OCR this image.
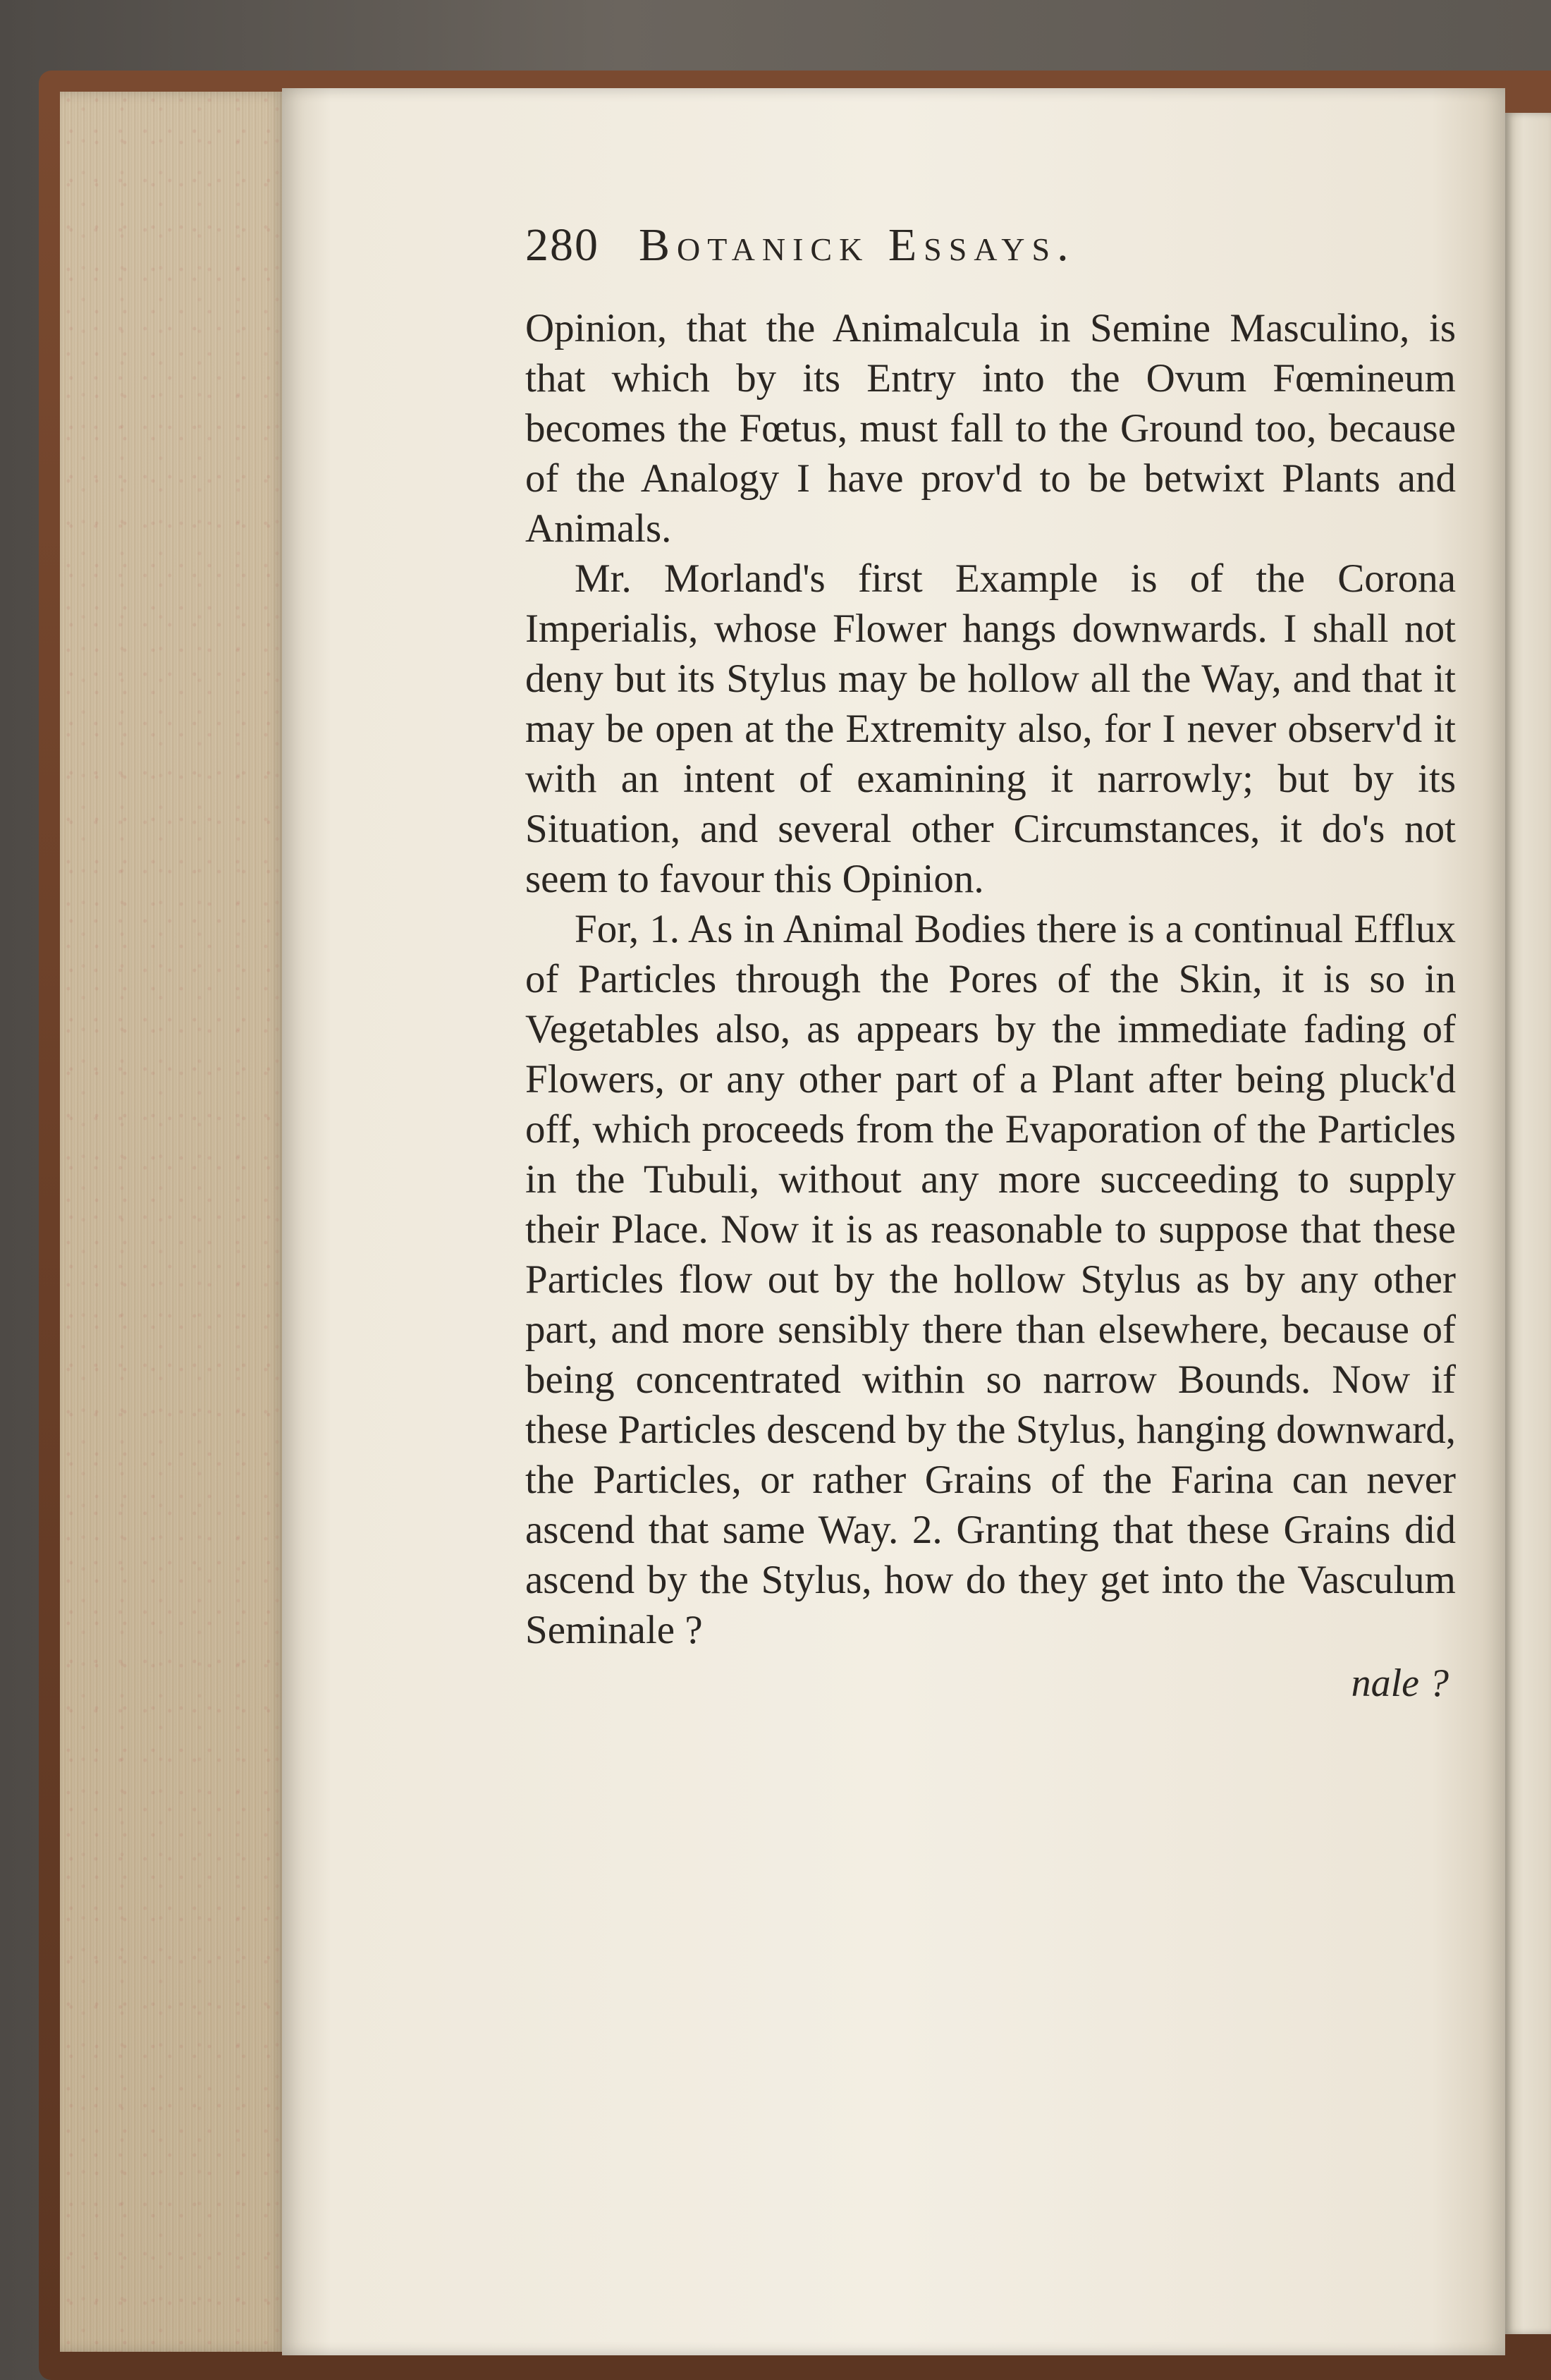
280 Botanick Essays.

Opinion, that the Animalcula in Semine Masculino, is that which by its Entry into the Ovum Fœmineum becomes the Fœtus, must fall to the Ground too, because of the Analogy I have prov'd to be betwixt Plants and Animals.

Mr. Morland's first Example is of the Corona Imperialis, whose Flower hangs downwards. I shall not deny but its Stylus may be hollow all the Way, and that it may be open at the Extremity also, for I never observ'd it with an intent of examining it narrowly; but by its Situation, and several other Circumstances, it do's not seem to favour this Opinion.

For, 1. As in Animal Bodies there is a continual Efflux of Particles through the Pores of the Skin, it is so in Vegetables also, as appears by the immediate fading of Flowers, or any other part of a Plant after being pluck'd off, which proceeds from the Evaporation of the Particles in the Tubuli, without any more succeeding to supply their Place. Now it is as reasonable to suppose that these Particles flow out by the hollow Stylus as by any other part, and more sensibly there than elsewhere, because of being concentrated within so narrow Bounds. Now if these Particles descend by the Stylus, hanging downward, the Particles, or rather Grains of the Farina can never ascend that same Way. 2. Granting that these Grains did ascend by the Stylus, how do they get into the Vasculum Seminale ?

nale ?
